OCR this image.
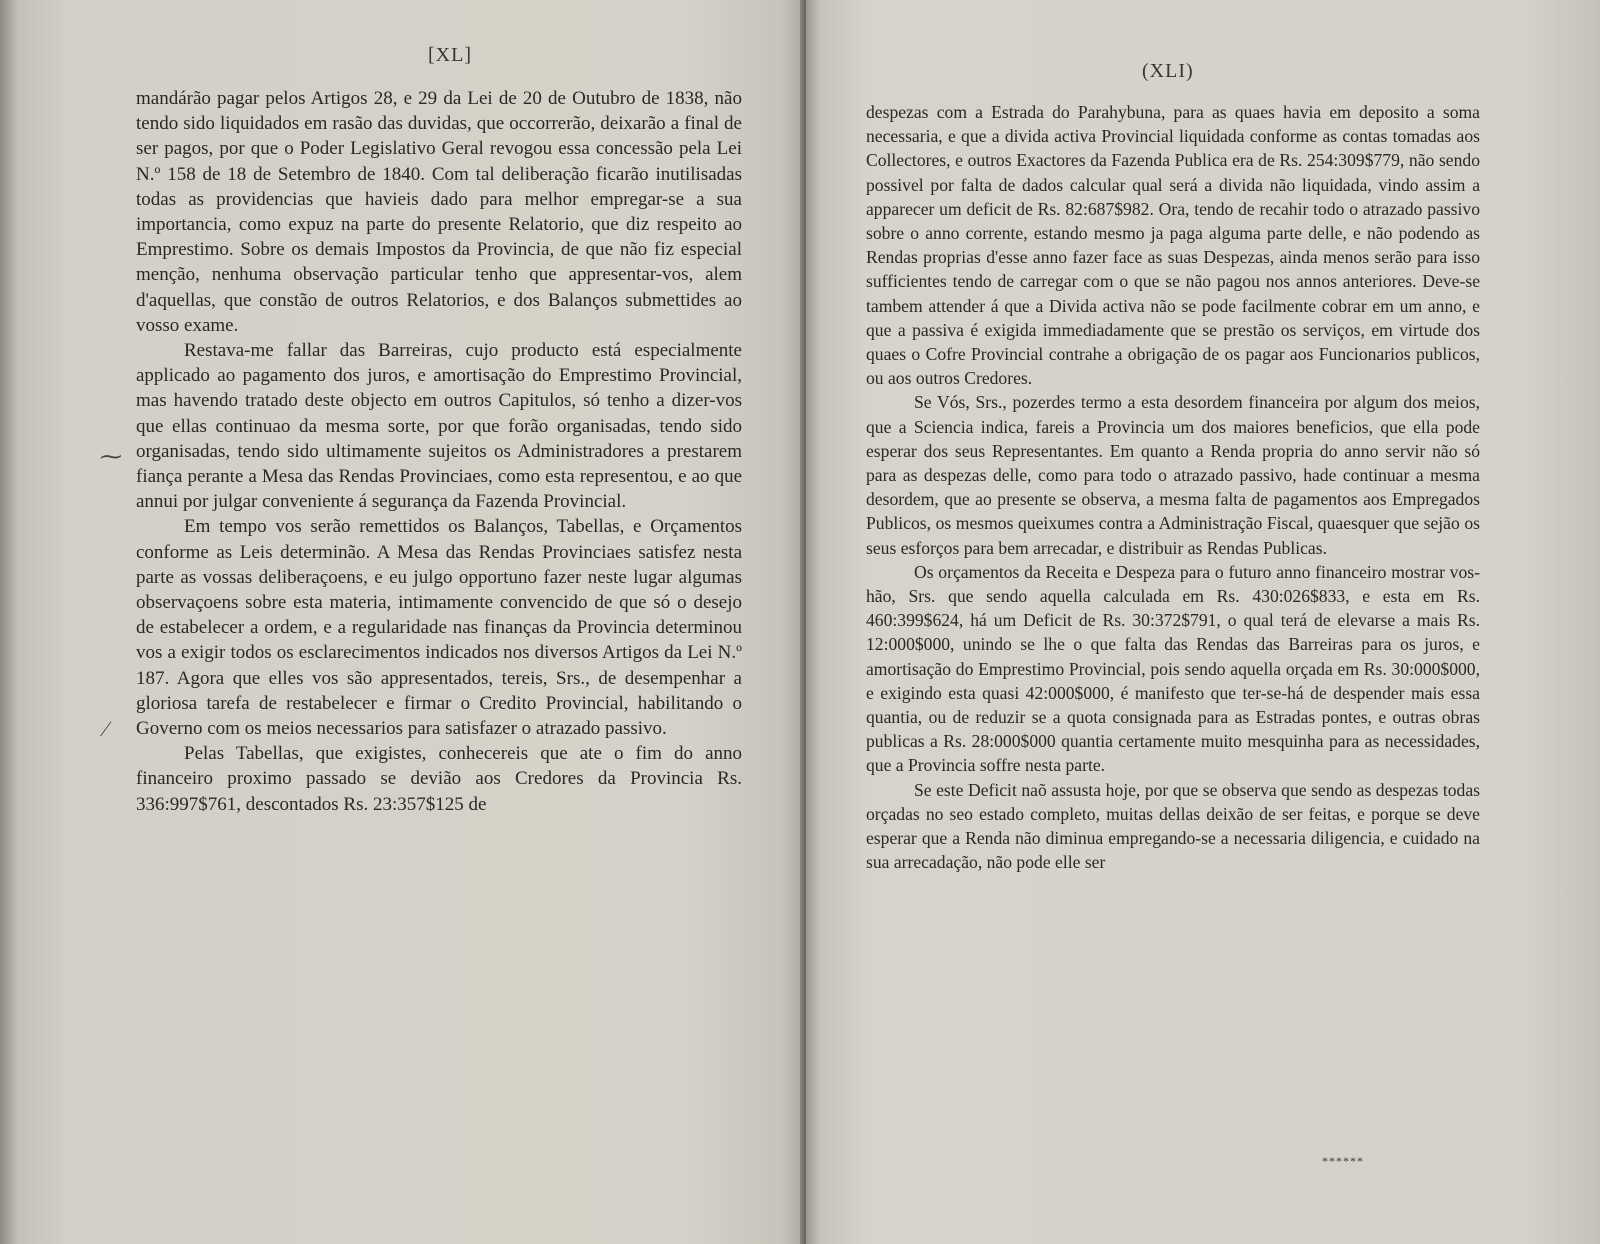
[XL]

mandárão pagar pelos Artigos 28, e 29 da Lei de 20 de Outubro de 1838, não tendo sido liquidados em rasão das duvidas, que occorrerão, deixarão a final de ser pagos, por que o Poder Legislativo Geral revogou essa concessão pela Lei N.º 158 de 18 de Setembro de 1840. Com tal deliberação ficarão inutilisadas todas as providencias que havieis dado para melhor empregar-se a sua importancia, como expuz na parte do presente Relatorio, que diz respeito ao Emprestimo. Sobre os demais Impostos da Provincia, de que não fiz especial menção, nenhuma observação particular tenho que appresentar-vos, alem d'aquellas, que constão de outros Relatorios, e dos Balanços submettides ao vosso exame.

Restava-me fallar das Barreiras, cujo producto está especialmente applicado ao pagamento dos juros, e amortisação do Emprestimo Provincial, mas havendo tratado deste objecto em outros Capitulos, só tenho a dizer-vos que ellas continuao da mesma sorte, por que forão organisadas, tendo sido organisadas, tendo sido ultimamente sujeitos os Administradores a prestarem fiança perante a Mesa das Rendas Provinciaes, como esta representou, e ao que annui por julgar conveniente á segurança da Fazenda Provincial.

Em tempo vos serão remettidos os Balanços, Tabellas, e Orçamentos conforme as Leis determinão. A Mesa das Rendas Provinciaes satisfez nesta parte as vossas deliberaçoens, e eu julgo opportuno fazer neste lugar algumas observaçoens sobre esta materia, intimamente convencido de que só o desejo de estabelecer a ordem, e a regularidade nas finanças da Provincia determinou vos a exigir todos os esclarecimentos indicados nos diversos Artigos da Lei N.º 187. Agora que elles vos são appresentados, tereis, Srs., de desempenhar a gloriosa tarefa de restabelecer e firmar o Credito Provincial, habilitando o Governo com os meios necessarios para satisfazer o atrazado passivo.

Pelas Tabellas, que exigistes, conhecereis que ate o fim do anno financeiro proximo passado se devião aos Credores da Provincia Rs. 336:997$761, descontados Rs. 23:357$125 de

⁓
∕
(XLI)

despezas com a Estrada do Parahybuna, para as quaes havia em deposito a soma necessaria, e que a divida activa Provincial liquidada conforme as contas tomadas aos Collectores, e outros Exactores da Fazenda Publica era de Rs. 254:309$779, não sendo possivel por falta de dados calcular qual será a divida não liquidada, vindo assim a apparecer um deficit de Rs. 82:687$982. Ora, tendo de recahir todo o atrazado passivo sobre o anno corrente, estando mesmo ja paga alguma parte delle, e não podendo as Rendas proprias d'esse anno fazer face as suas Despezas, ainda menos serão para isso sufficientes tendo de carregar com o que se não pagou nos annos anteriores. Deve-se tambem attender á que a Divida activa não se pode facilmente cobrar em um anno, e que a passiva é exigida immediadamente que se prestão os serviços, em virtude dos quaes o Cofre Provincial contrahe a obrigação de os pagar aos Funcionarios publicos, ou aos outros Credores.

Se Vós, Srs., pozerdes termo a esta desordem financeira por algum dos meios, que a Sciencia indica, fareis a Provincia um dos maiores beneficios, que ella pode esperar dos seus Representantes. Em quanto a Renda propria do anno servir não só para as despezas delle, como para todo o atrazado passivo, hade continuar a mesma desordem, que ao presente se observa, a mesma falta de pagamentos aos Empregados Publicos, os mesmos queixumes contra a Administração Fiscal, quaesquer que sejão os seus esforços para bem arrecadar, e distribuir as Rendas Publicas.

Os orçamentos da Receita e Despeza para o futuro anno financeiro mostrar vos-hão, Srs. que sendo aquella calculada em Rs. 430:026$833, e esta em Rs. 460:399$624, há um Deficit de Rs. 30:372$791, o qual terá de elevarse a mais Rs. 12:000$000, unindo se lhe o que falta das Rendas das Barreiras para os juros, e amortisação do Emprestimo Provincial, pois sendo aquella orçada em Rs. 30:000$000, e exigindo esta quasi 42:000$000, é manifesto que ter-se-há de despender mais essa quantia, ou de reduzir se a quota consignada para as Estradas pontes, e outras obras publicas a Rs. 28:000$000 quantia certamente muito mesquinha para as necessidades, que a Provincia soffre nesta parte.

Se este Deficit naõ assusta hoje, por que se observa que sendo as despezas todas orçadas no seo estado completo, muitas dellas deixão de ser feitas, e porque se deve esperar que a Renda não diminua empregando-se a necessaria diligencia, e cuidado na sua arrecadação, não pode elle ser

******
